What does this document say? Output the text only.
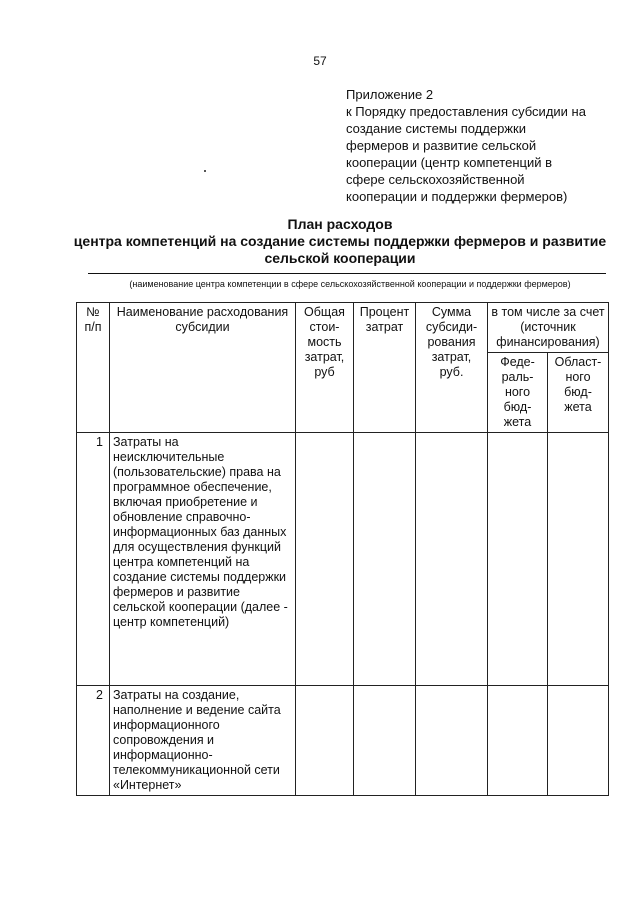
57
Приложение 2
к Порядку предоставления субсидии на
создание системы поддержки
фермеров и развитие сельской
кооперации (центр компетенций в
сфере сельскохозяйственной
кооперации и поддержки фермеров)
План расходов
центра компетенций на создание системы поддержки фермеров и развитие
сельской кооперации
(наименование центра компетенции в сфере сельскохозяйственной кооперации и поддержки фермеров)
№ п/п	Наименование расходования субсидии	Общая стои-мость затрат, руб	Процент затрат	Сумма субсиди-рования затрат, руб.	в том числе за счет (источник финансирования)	
					Феде-раль-ного бюд-жета	Област-ного бюд-жета
1	Затраты на неисключительные (пользовательские) права на программное обеспечение, включая приобретение и обновление справочно-информационных баз данных для осуществления функций центра компетенций на создание системы поддержки фермеров и развитие сельской кооперации (далее - центр компетенций)					
2	Затраты на создание, наполнение и ведение сайта информационного сопровождения и информационно-телекоммуникационной сети «Интернет»					
